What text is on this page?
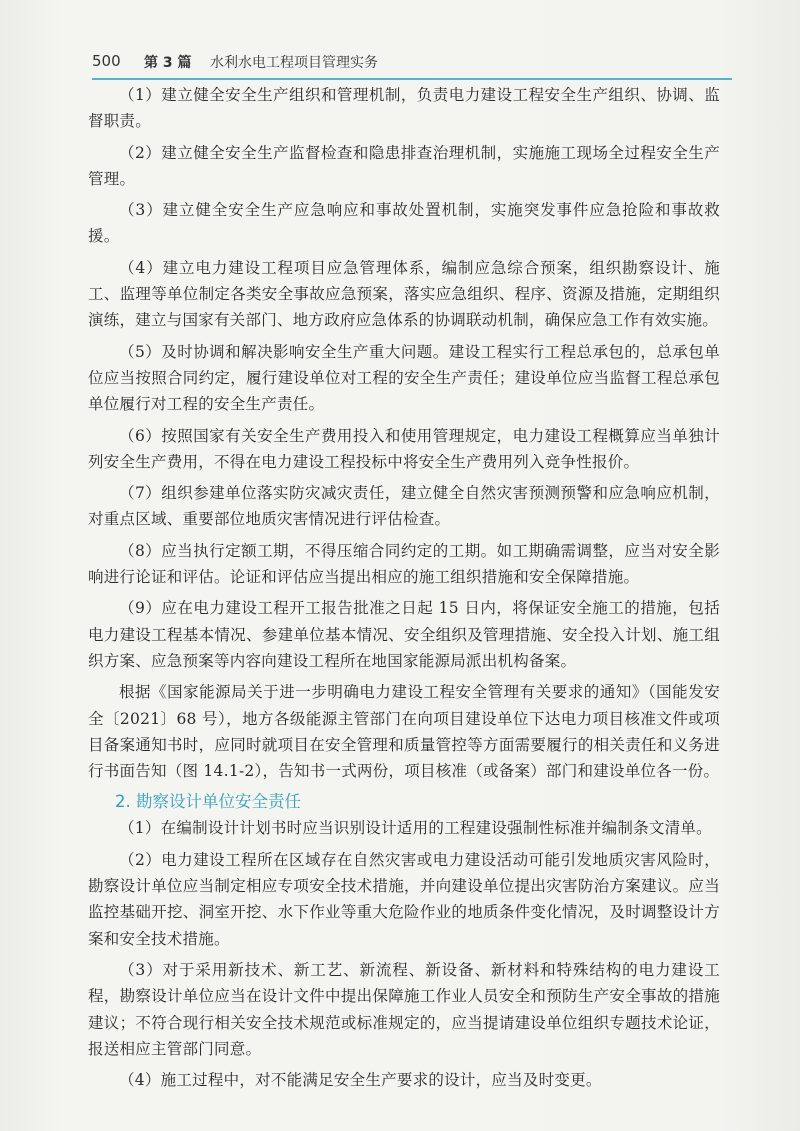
500 第 3 篇 水利水电工程项目管理实务

（1）建立健全安全生产组织和管理机制，负责电力建设工程安全生产组织、协调、监督职责。

（2）建立健全安全生产监督检查和隐患排查治理机制，实施施工现场全过程安全生产管理。

（3）建立健全安全生产应急响应和事故处置机制，实施突发事件应急抢险和事故救援。

（4）建立电力建设工程项目应急管理体系，编制应急综合预案，组织勘察设计、施工、监理等单位制定各类安全事故应急预案，落实应急组织、程序、资源及措施，定期组织演练，建立与国家有关部门、地方政府应急体系的协调联动机制，确保应急工作有效实施。

（5）及时协调和解决影响安全生产重大问题。建设工程实行工程总承包的，总承包单位应当按照合同约定，履行建设单位对工程的安全生产责任；建设单位应当监督工程总承包单位履行对工程的安全生产责任。

（6）按照国家有关安全生产费用投入和使用管理规定，电力建设工程概算应当单独计列安全生产费用，不得在电力建设工程投标中将安全生产费用列入竞争性报价。

（7）组织参建单位落实防灾减灾责任，建立健全自然灾害预测预警和应急响应机制，对重点区域、重要部位地质灾害情况进行评估检查。

（8）应当执行定额工期，不得压缩合同约定的工期。如工期确需调整，应当对安全影响进行论证和评估。论证和评估应当提出相应的施工组织措施和安全保障措施。

（9）应在电力建设工程开工报告批准之日起 15 日内，将保证安全施工的措施，包括电力建设工程基本情况、参建单位基本情况、安全组织及管理措施、安全投入计划、施工组织方案、应急预案等内容向建设工程所在地国家能源局派出机构备案。

根据《国家能源局关于进一步明确电力建设工程安全管理有关要求的通知》（国能发安全〔2021〕68 号），地方各级能源主管部门在向项目建设单位下达电力项目核准文件或项目备案通知书时，应同时就项目在安全管理和质量管控等方面需要履行的相关责任和义务进行书面告知（图 14.1-2），告知书一式两份，项目核准（或备案）部门和建设单位各一份。

2. 勘察设计单位安全责任

（1）在编制设计计划书时应当识别设计适用的工程建设强制性标准并编制条文清单。

（2）电力建设工程所在区域存在自然灾害或电力建设活动可能引发地质灾害风险时，勘察设计单位应当制定相应专项安全技术措施，并向建设单位提出灾害防治方案建议。应当监控基础开挖、洞室开挖、水下作业等重大危险作业的地质条件变化情况，及时调整设计方案和安全技术措施。

（3）对于采用新技术、新工艺、新流程、新设备、新材料和特殊结构的电力建设工程，勘察设计单位应当在设计文件中提出保障施工作业人员安全和预防生产安全事故的措施建议；不符合现行相关安全技术规范或标准规定的，应当提请建设单位组织专题技术论证，报送相应主管部门同意。

（4）施工过程中，对不能满足安全生产要求的设计，应当及时变更。
